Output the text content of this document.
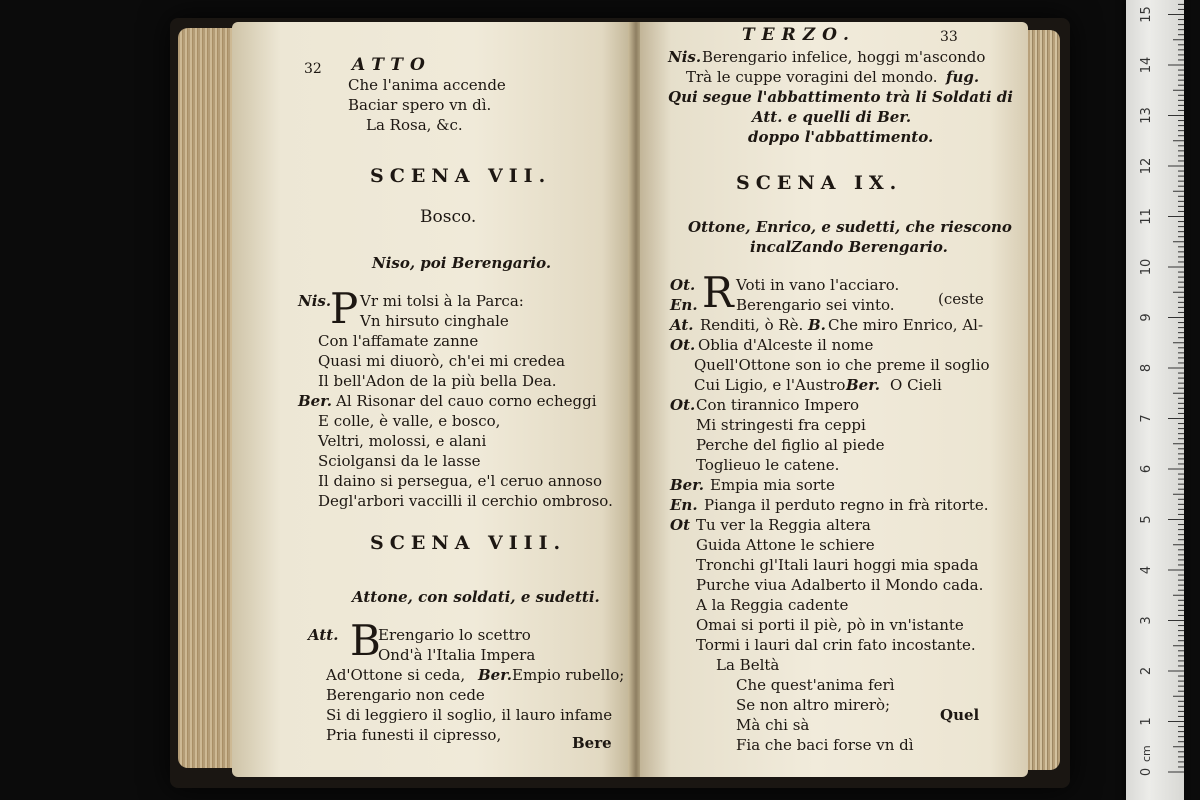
32 ATTO
Che l'anima accende
Baciar spero vn dì.
La Rosa, &c.
SCENA VII.
Bosco.
Niso, poi Berengario.
Nis.
P Vr mi tolsi à la Parca:
Vn hirsuto cinghale
Con l'affamate zanne
Quasi mi diuorò, ch'ei mi credea
Il bell'Adon de la più bella Dea.
Ber. Al Risonar del cauo corno echeggi
E colle, è valle, e bosco,
Veltri, molossi, e alani
Sciolgansi da le lasse
Il daino si persegua, e'l ceruo annoso
Degl'arbori vaccilli il cerchio ombroso.
SCENA VIII.
Attone, con soldati, e sudetti.
Att. B
Erengario lo scettro
Ond'à l'Italia Impera
Ad'Ottone si ceda, Ber. Empio rubello;
Berengario non cede
Si di leggiero il soglio, il lauro infame
Pria funesti il cipresso,	Bere
TERZO.	33
Nis. Berengario infelice, hoggi m'ascondo
Trà le cuppe voragini del mondo. fug.
Qui segue l'abbattimento trà li Soldati di
Att. e quelli di Ber.
doppo l'abbattimento.
SCENA IX.
Ottone, Enrico, e sudetti, che riescono
incalZando Berengario.
Ot. R Voti in vano l'acciaro.
En.	Berengario sei vinto.	(ceste
At. Renditi, ò Rè. B. Che miro Enrico, Al-
Ot. Oblia d'Alceste il nome
Quell'Ottone son io che preme il soglio
Cui Ligio, e l'Austro.
Ber. O Cieli
Ot. Con tirannico Impero
Mi stringesti fra ceppi
Perche del figlio al piede
Toglieuo le catene.
Ber. Empia mia sorte
En. Pianga il perduto regno in frà ritorte.
Ot Tu ver la Reggia altera
Guida Attone le schiere
Tronchi gl'Itali lauri hoggi mia spada
Purche viua Adalberto il Mondo cada.
A la Reggia cadente
Omai si porti il piè, pò in vn'istante
Tormi i lauri dal crin fato incostante.
La Beltà
Che quest'anima ferì
Se non altro mirerò;
Mà chi sà
Fia che baci forse vn dì
Quel
0
1
2
3
4
5
6
7
8
9
10
11
12
13
14
15
cm
